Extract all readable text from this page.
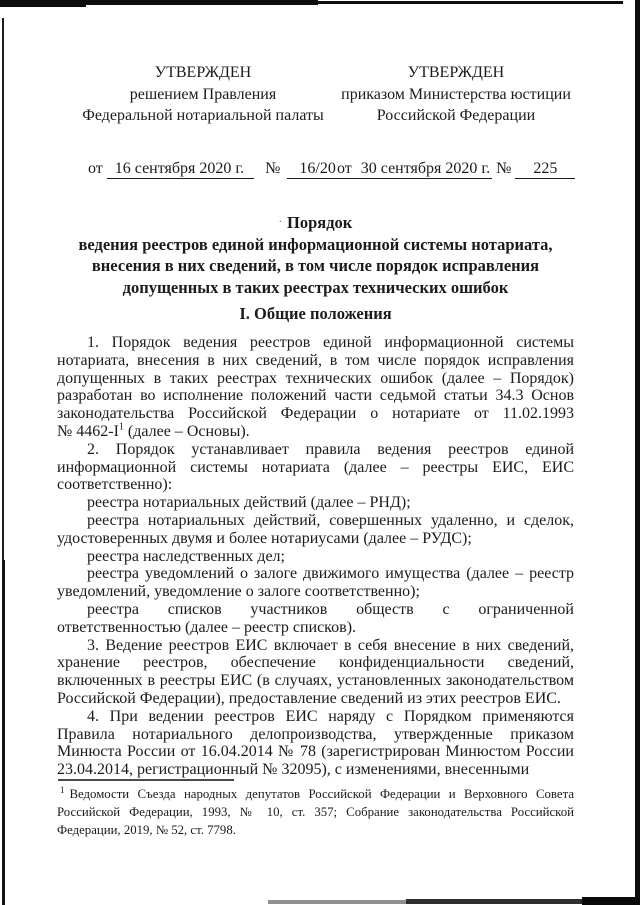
УТВЕРЖДЕН
решением Правления
Федеральной нотариальной палаты
УТВЕРЖДЕН
приказом Министерства юстиции
Российской Федерации
от 16 сентября 2020 г. № 16/20 от 30 сентября 2020 г. № 225
· Порядок
ведения реестров единой информационной системы нотариата,
внесения в них сведений, в том числе порядок исправления
допущенных в таких реестрах технических ошибок
I. Общие положения

1. Порядок ведения реестров единой информационной системы нотариата, внесения в них сведений, в том числе порядок исправления допущенных в таких реестрах технических ошибок (далее – Порядок) разработан во исполнение положений части седьмой статьи 34.3 Основ законодательства Российской Федерации о нотариате от 11.02.1993 № $4462-I^1$ (далее – Основы).

2. Порядок устанавливает правила ведения реестров единой информационной системы нотариата (далее – реестры ЕИС, ЕИС соответственно):

реестра нотариальных действий (далее – РНД);

реестра нотариальных действий, совершенных удаленно, и сделок, удостоверенных двумя и более нотариусами (далее – РУДС);

реестра наследственных дел;

реестра уведомлений о залоге движимого имущества (далее – реестр уведомлений, уведомление о залоге соответственно);

реестра списков участников обществ с ограниченной ответственностью (далее – реестр списков).

3. Ведение реестров ЕИС включает в себя внесение в них сведений, хранение реестров, обеспечение конфиденциальности сведений, включенных в реестры ЕИС (в случаях, установленных законодательством Российской Федерации), предоставление сведений из этих реестров ЕИС.

4. При ведении реестров ЕИС наряду с Порядком применяются Правила нотариального делопроизводства, утвержденные приказом Минюста России от 16.04.2014 № 78 (зарегистрирован Минюстом России 23.04.2014, регистрационный № 32095), с изменениями, внесенными

$^1$ Ведомости Съезда народных депутатов Российской Федерации и Верховного Совета Российской Федерации, 1993, № 10, ст. 357; Собрание законодательства Российской Федерации, 2019, № 52, ст. 7798.
